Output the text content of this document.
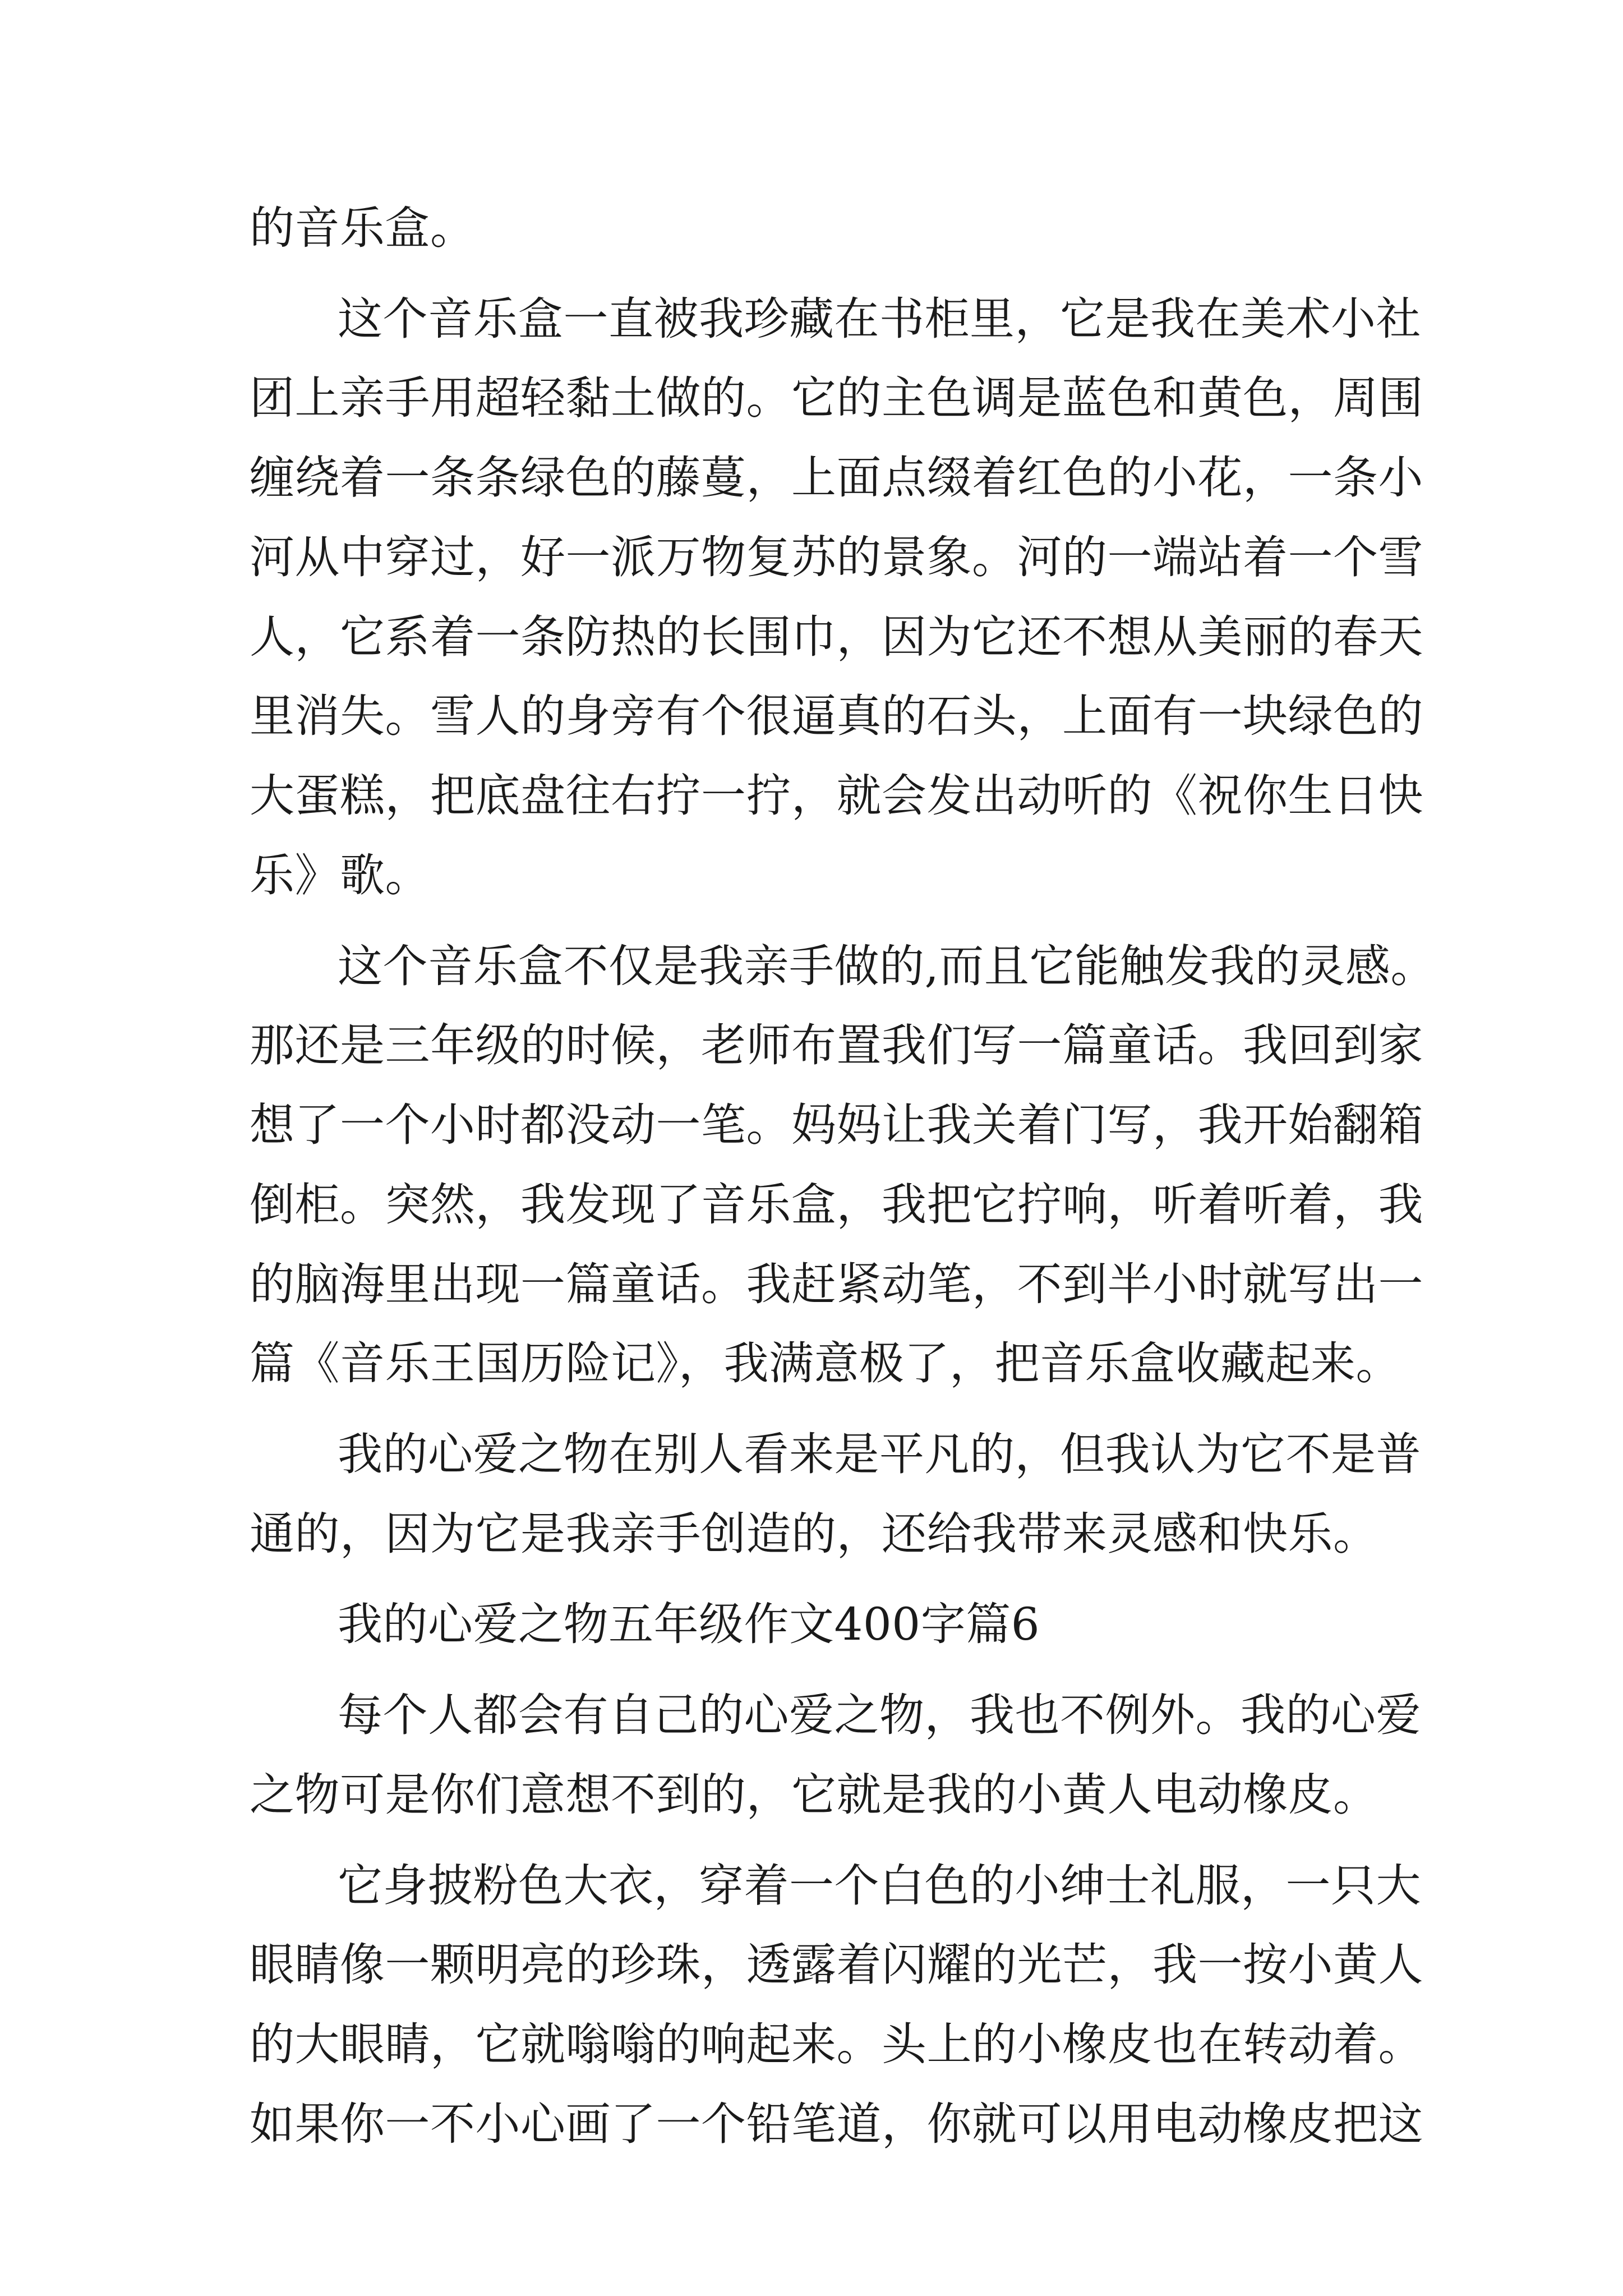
的音乐盒。
这个音乐盒一直被我珍藏在书柜里，它是我在美术小社
团上亲手用超轻黏土做的。它的主色调是蓝色和黄色，周围
缠绕着一条条绿色的藤蔓，上面点缀着红色的小花，一条小
河从中穿过，好一派万物复苏的景象。河的一端站着一个雪
人，它系着一条防热的长围巾，因为它还不想从美丽的春天
里消失。雪人的身旁有个很逼真的石头，上面有一块绿色的
大蛋糕，把底盘往右拧一拧，就会发出动听的《祝你生日快
乐》歌。
这个音乐盒不仅是我亲手做的,而且它能触发我的灵感。
那还是三年级的时候，老师布置我们写一篇童话。我回到家
想了一个小时都没动一笔。妈妈让我关着门写，我开始翻箱
倒柜。突然，我发现了音乐盒，我把它拧响，听着听着，我
的脑海里出现一篇童话。我赶紧动笔，不到半小时就写出一
篇《音乐王国历险记》，我满意极了，把音乐盒收藏起来。
我的心爱之物在别人看来是平凡的，但我认为它不是普
通的，因为它是我亲手创造的，还给我带来灵感和快乐。
我的心爱之物五年级作文400字篇6
每个人都会有自己的心爱之物，我也不例外。我的心爱
之物可是你们意想不到的，它就是我的小黄人电动橡皮。
它身披粉色大衣，穿着一个白色的小绅士礼服，一只大
眼睛像一颗明亮的珍珠，透露着闪耀的光芒，我一按小黄人
的大眼睛，它就嗡嗡的响起来。头上的小橡皮也在转动着。
如果你一不小心画了一个铅笔道，你就可以用电动橡皮把这
